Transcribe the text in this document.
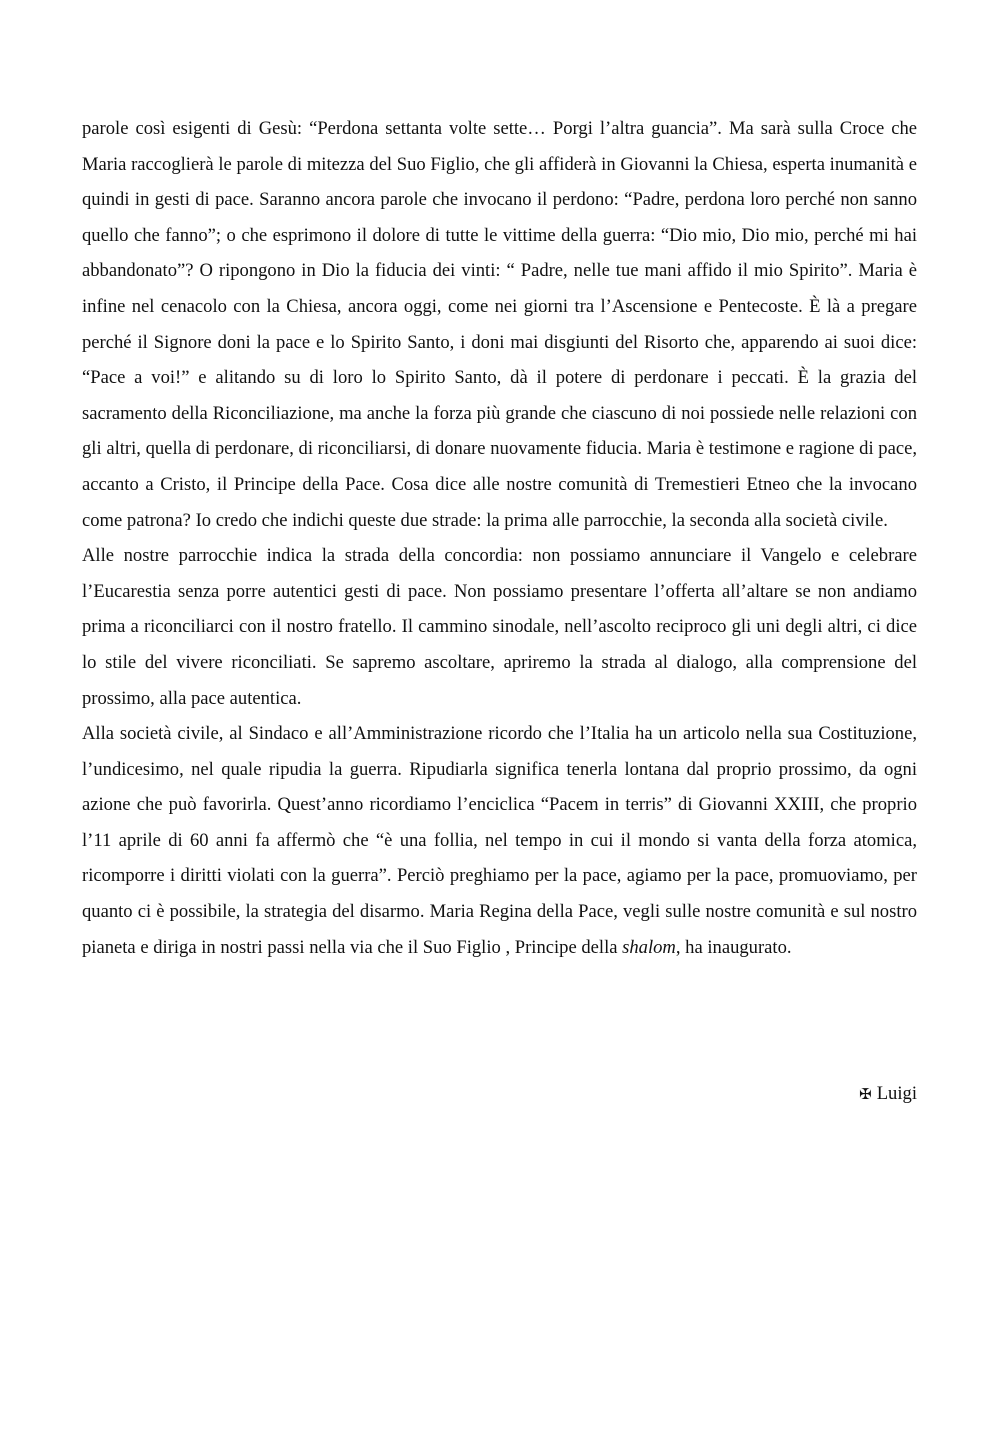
parole così esigenti di Gesù: “Perdona settanta volte sette… Porgi l’altra guancia”. Ma sarà sulla Croce che Maria raccoglierà le parole di mitezza del Suo Figlio, che gli affiderà in Giovanni la Chiesa, esperta inumanità e quindi in gesti di pace. Saranno ancora parole che invocano il perdono: “Padre, perdona loro perché non sanno quello che fanno”; o che esprimono il dolore di tutte le vittime della guerra: “Dio mio, Dio mio, perché mi hai abbandonato”? O ripongono in Dio la fiducia dei vinti: “ Padre, nelle tue mani affido il mio Spirito”. Maria è infine nel cenacolo con la Chiesa, ancora oggi, come nei giorni tra l’Ascensione e Pentecoste. È là a pregare perché il Signore doni la pace e lo Spirito Santo, i doni mai disgiunti del Risorto che, apparendo ai suoi dice: “Pace a voi!” e alitando su di loro lo Spirito Santo, dà il potere di perdonare i peccati. È la grazia del sacramento della Riconciliazione, ma anche la forza più grande che ciascuno di noi possiede nelle relazioni con gli altri, quella di perdonare, di riconciliarsi, di donare nuovamente fiducia. Maria è testimone e ragione di pace, accanto a Cristo, il Principe della Pace. Cosa dice alle nostre comunità di Tremestieri Etneo che la invocano come patrona? Io credo che indichi queste due strade: la prima alle parrocchie, la seconda alla società civile.

Alle nostre parrocchie indica la strada della concordia: non possiamo annunciare il Vangelo e celebrare l’Eucarestia senza porre autentici gesti di pace. Non possiamo presentare l’offerta all’altare se non andiamo prima a riconciliarci con il nostro fratello. Il cammino sinodale, nell’ascolto reciproco gli uni degli altri, ci dice lo stile del vivere riconciliati. Se sapremo ascoltare, apriremo la strada al dialogo, alla comprensione del prossimo, alla pace autentica.

Alla società civile, al Sindaco e all’Amministrazione ricordo che l’Italia ha un articolo nella sua Costituzione, l’undicesimo, nel quale ripudia la guerra. Ripudiarla significa tenerla lontana dal proprio prossimo, da ogni azione che può favorirla. Quest’anno ricordiamo l’enciclica “Pacem in terris” di Giovanni XXIII, che proprio l’11 aprile di 60 anni fa affermò che “è una follia, nel tempo in cui il mondo si vanta della forza atomica, ricomporre i diritti violati con la guerra”. Perciò preghiamo per la pace, agiamo per la pace, promuoviamo, per quanto ci è possibile, la strategia del disarmo. Maria Regina della Pace, vegli sulle nostre comunità e sul nostro pianeta e diriga in nostri passi nella via che il Suo Figlio , Principe della shalom, ha inaugurato.

✠ Luigi
